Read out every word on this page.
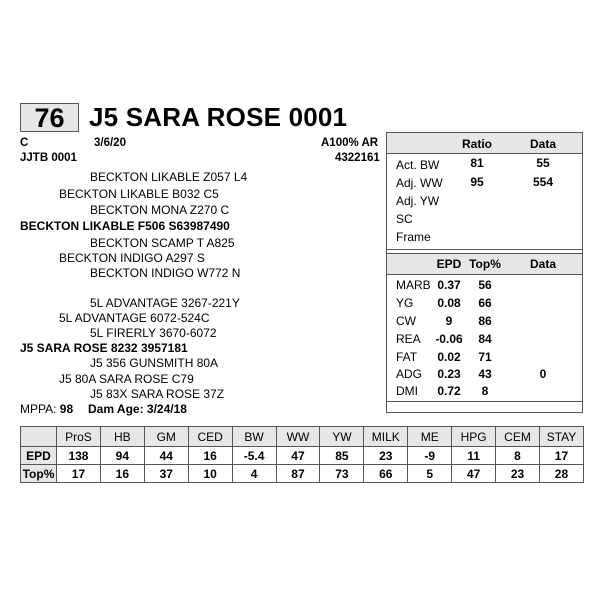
76 J5 SARA ROSE 0001
C	3/6/20	A100% AR
JJTB 0001	4322161
BECKTON LIKABLE Z057 L4
BECKTON LIKABLE B032 C5
BECKTON MONA Z270 C
BECKTON LIKABLE F506 S63987490
BECKTON SCAMP T A825
BECKTON INDIGO A297 S
BECKTON INDIGO W772 N
5L ADVANTAGE 3267-221Y
5L ADVANTAGE 6072-524C
5L FIRERLY 3670-6072
J5 SARA ROSE 8232 3957181
J5 356 GUNSMITH 80A
J5 80A SARA ROSE C79
J5 83X SARA ROSE 37Z
MPPA: 98 Dam Age: 3/24/18
Ratio	Data
Act. BW	81	55
Adj. WW	95	554
Adj. YW
SC
Frame
EPD Top%	Data
MARB 0.37	56
YG	0.08	66
CW	9	86
REA	-0.06	84
FAT	0.02	71
ADG	0.23	43	0
DMI	0.72	8
	ProS	HB	GM	CED	BW	WW	YW	MILK	ME	HPG	CEM	STAY
EPD	138	94	44	16	-5.4	47	85	23	-9	11	8	17
Top%	17	16	37	10	4	87	73	66	5	47	23	28
